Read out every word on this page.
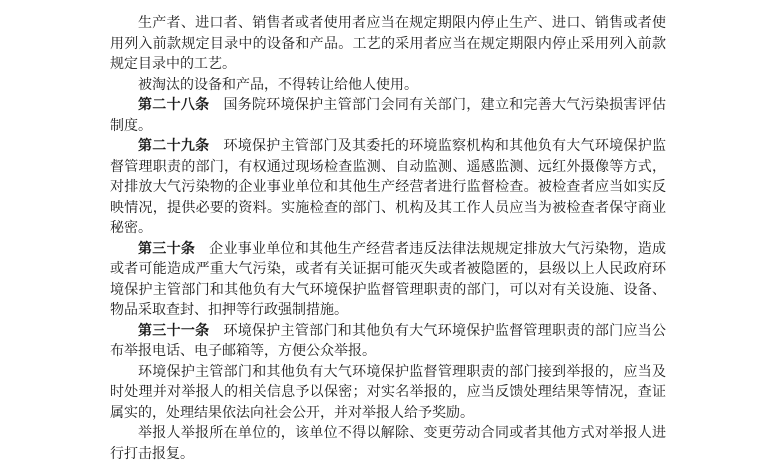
生产者、进口者、销售者或者使用者应当在规定期限内停止生产、进口、销售或者使用列入前款规定目录中的设备和产品。工艺的采用者应当在规定期限内停止采用列入前款规定目录中的工艺。

被淘汰的设备和产品，不得转让给他人使用。

第二十八条 国务院环境保护主管部门会同有关部门，建立和完善大气污染损害评估制度。

第二十九条 环境保护主管部门及其委托的环境监察机构和其他负有大气环境保护监督管理职责的部门，有权通过现场检查监测、自动监测、遥感监测、远红外摄像等方式，对排放大气污染物的企业事业单位和其他生产经营者进行监督检查。被检查者应当如实反映情况，提供必要的资料。实施检查的部门、机构及其工作人员应当为被检查者保守商业秘密。

第三十条 企业事业单位和其他生产经营者违反法律法规规定排放大气污染物，造成或者可能造成严重大气污染，或者有关证据可能灭失或者被隐匿的，县级以上人民政府环境保护主管部门和其他负有大气环境保护监督管理职责的部门，可以对有关设施、设备、物品采取查封、扣押等行政强制措施。

第三十一条 环境保护主管部门和其他负有大气环境保护监督管理职责的部门应当公布举报电话、电子邮箱等，方便公众举报。

环境保护主管部门和其他负有大气环境保护监督管理职责的部门接到举报的，应当及时处理并对举报人的相关信息予以保密；对实名举报的，应当反馈处理结果等情况，查证属实的，处理结果依法向社会公开，并对举报人给予奖励。

举报人举报所在单位的，该单位不得以解除、变更劳动合同或者其他方式对举报人进行打击报复。
